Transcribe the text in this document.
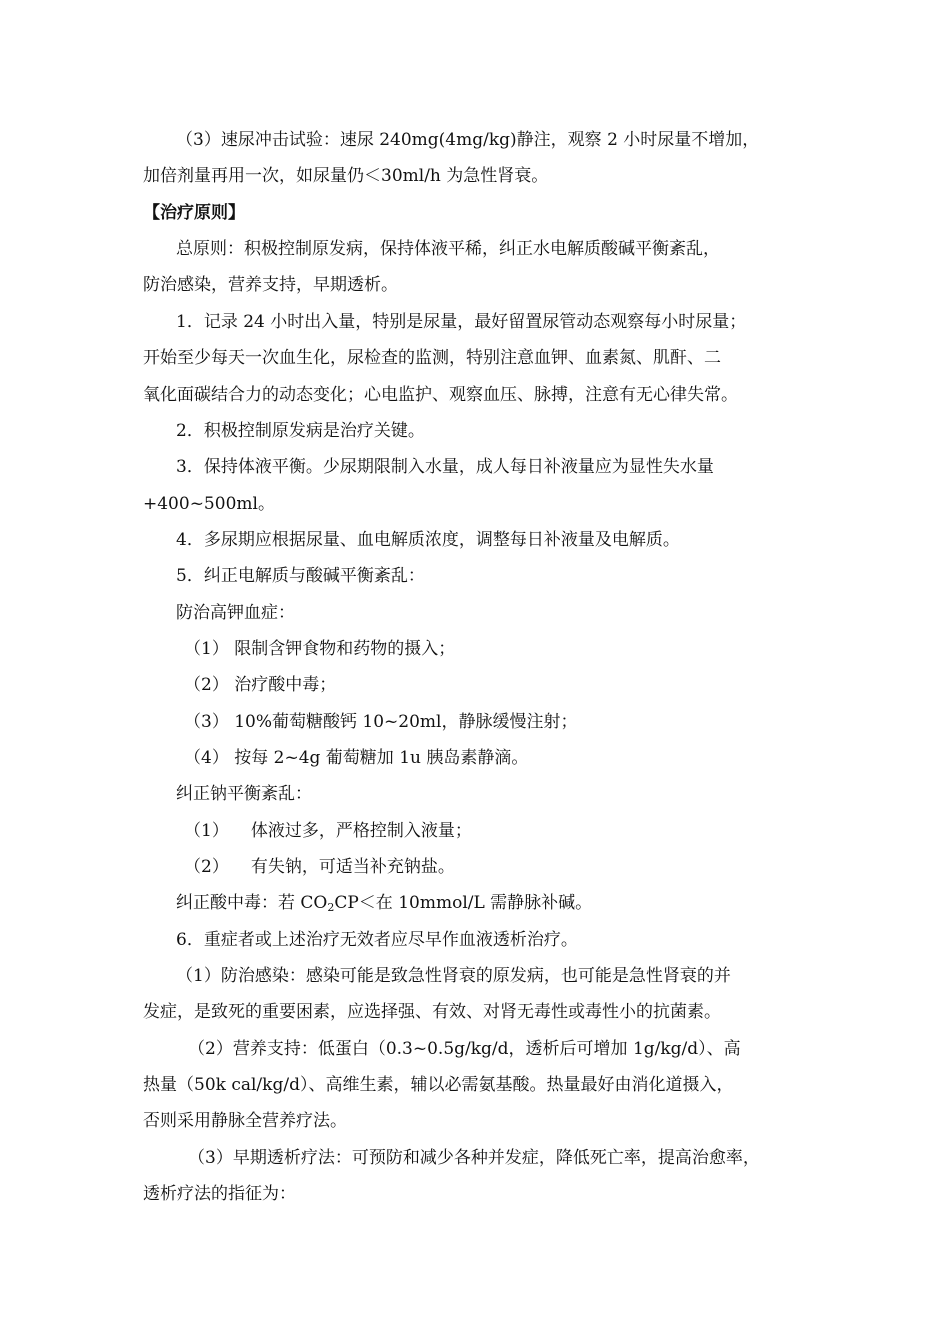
（3）速尿冲击试验：速尿 240mg(4mg/kg)静注，观察 2 小时尿量不增加，
加倍剂量再用一次，如尿量仍＜30ml/h 为急性肾衰。
【治疗原则】
总原则：积极控制原发病，保持体液平稀，纠正水电解质酸碱平衡紊乱，
防治感染，营养支持，早期透析。
1．记录 24 小时出入量，特别是尿量，最好留置尿管动态观察每小时尿量；
开始至少每天一次血生化，尿检查的监测，特别注意血钾、血素氮、肌酐、二
氧化面碳结合力的动态变化；心电监护、观察血压、脉搏，注意有无心律失常。
2．积极控制原发病是治疗关键。
3．保持体液平衡。少尿期限制入水量，成人每日补液量应为显性失水量
+400~500ml。
4．多尿期应根据尿量、血电解质浓度，调整每日补液量及电解质。
5．纠正电解质与酸碱平衡紊乱：
防治高钾血症：
（1） 限制含钾食物和药物的摄入；
（2） 治疗酸中毒；
（3） 10%葡萄糖酸钙 10~20ml，静脉缓慢注射；
（4） 按每 2~4g 葡萄糖加 1u 胰岛素静滴。
纠正钠平衡紊乱：
（1） 体液过多，严格控制入液量；
（2） 有失钠，可适当补充钠盐。
纠正酸中毒：若 $CO_2CP<$在 10mmol/L 需静脉补碱。
6．重症者或上述治疗无效者应尽早作血液透析治疗。
（1）防治感染：感染可能是致急性肾衰的原发病，也可能是急性肾衰的并
发症，是致死的重要困素，应选择强、有效、对肾无毒性或毒性小的抗菌素。
（2）营养支持：低蛋白（0.3~0.5g/kg/d，透析后可增加 1g/kg/d）、高
热量（50k cal/kg/d）、高维生素，辅以必需氨基酸。热量最好由消化道摄入，
否则采用静脉全营养疗法。
（3）早期透析疗法：可预防和减少各种并发症，降低死亡率，提高治愈率，
透析疗法的指征为：
